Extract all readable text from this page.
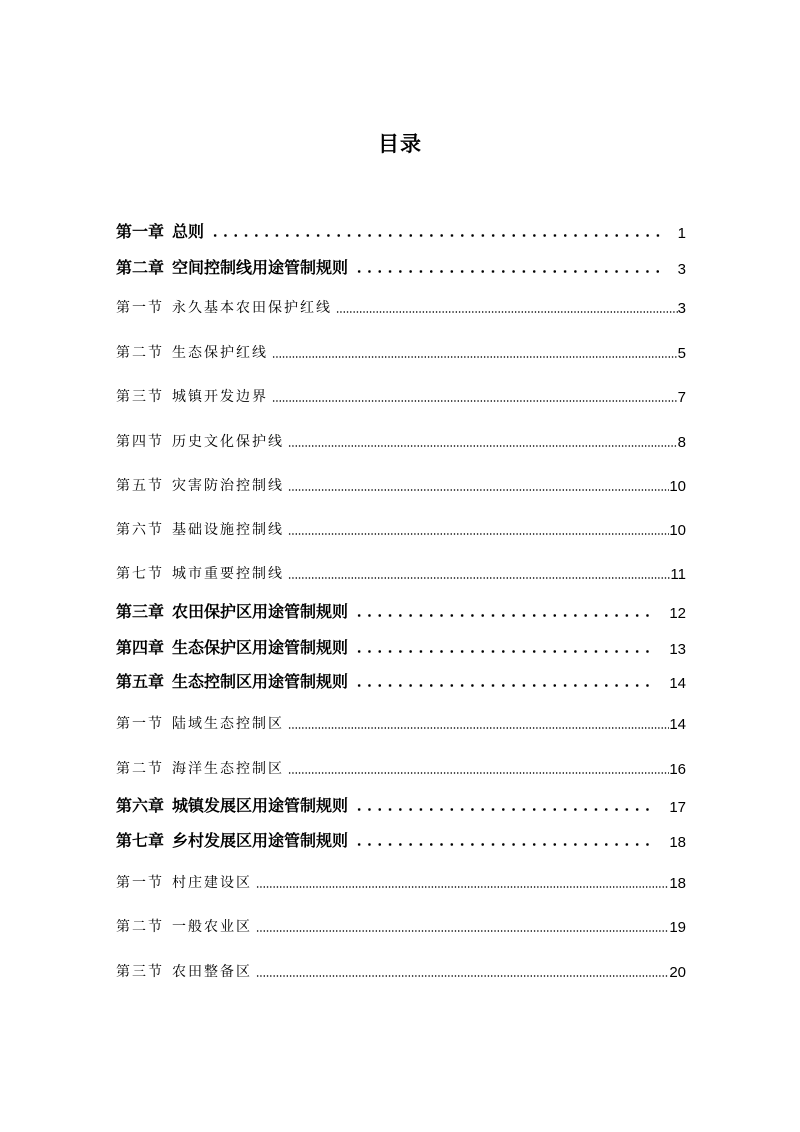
目录
第一章 总则	1
第二章 空间控制线用途管制规则	3
第一节 永久基本农田保护红线	3
第二节 生态保护红线	5
第三节 城镇开发边界	7
第四节 历史文化保护线	8
第五节 灾害防治控制线	10
第六节 基础设施控制线	10
第七节 城市重要控制线	11
第三章 农田保护区用途管制规则	12
第四章 生态保护区用途管制规则	13
第五章 生态控制区用途管制规则	14
第一节 陆域生态控制区	14
第二节 海洋生态控制区	16
第六章 城镇发展区用途管制规则	17
第七章 乡村发展区用途管制规则	18
第一节 村庄建设区	18
第二节 一般农业区	19
第三节 农田整备区	20
